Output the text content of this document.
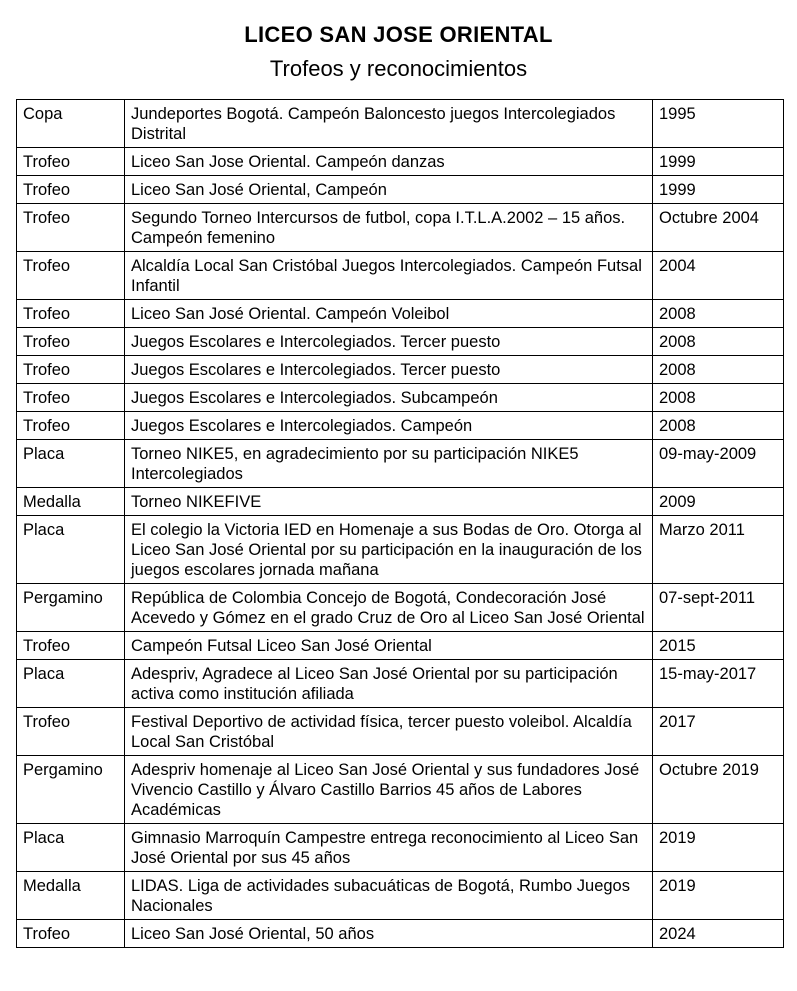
LICEO SAN JOSE ORIENTAL
Trofeos y reconocimientos
Copa	Jundeportes Bogotá. Campeón Baloncesto juegos Intercolegiados Distrital	1995
Trofeo	Liceo San Jose Oriental. Campeón danzas	1999
Trofeo	Liceo San José Oriental, Campeón	1999
Trofeo	Segundo Torneo Intercursos de futbol, copa I.T.L.A.2002 – 15 años. Campeón femenino	Octubre 2004
Trofeo	Alcaldía Local San Cristóbal Juegos Intercolegiados. Campeón Futsal Infantil	2004
Trofeo	Liceo San José Oriental. Campeón Voleibol	2008
Trofeo	Juegos Escolares e Intercolegiados. Tercer puesto	2008
Trofeo	Juegos Escolares e Intercolegiados. Tercer puesto	2008
Trofeo	Juegos Escolares e Intercolegiados. Subcampeón	2008
Trofeo	Juegos Escolares e Intercolegiados. Campeón	2008
Placa	Torneo NIKE5, en agradecimiento por su participación NIKE5 Intercolegiados	09-may-2009
Medalla	Torneo NIKEFIVE	2009
Placa	El colegio la Victoria IED en Homenaje a sus Bodas de Oro. Otorga al Liceo San José Oriental por su participación en la inauguración de los juegos escolares jornada mañana	Marzo 2011
Pergamino	República de Colombia Concejo de Bogotá, Condecoración José Acevedo y Gómez en el grado Cruz de Oro al Liceo San José Oriental	07-sept-2011
Trofeo	Campeón Futsal Liceo San José Oriental	2015
Placa	Adespriv, Agradece al Liceo San José Oriental por su participación activa como institución afiliada	15-may-2017
Trofeo	Festival Deportivo de actividad física, tercer puesto voleibol. Alcaldía Local San Cristóbal	2017
Pergamino	Adespriv homenaje al Liceo San José Oriental y sus fundadores José Vivencio Castillo y Álvaro Castillo Barrios 45 años de Labores Académicas	Octubre 2019
Placa	Gimnasio Marroquín Campestre entrega reconocimiento al Liceo San José Oriental por sus 45 años	2019
Medalla	LIDAS. Liga de actividades subacuáticas de Bogotá, Rumbo Juegos Nacionales	2019
Trofeo	Liceo San José Oriental, 50 años	2024
